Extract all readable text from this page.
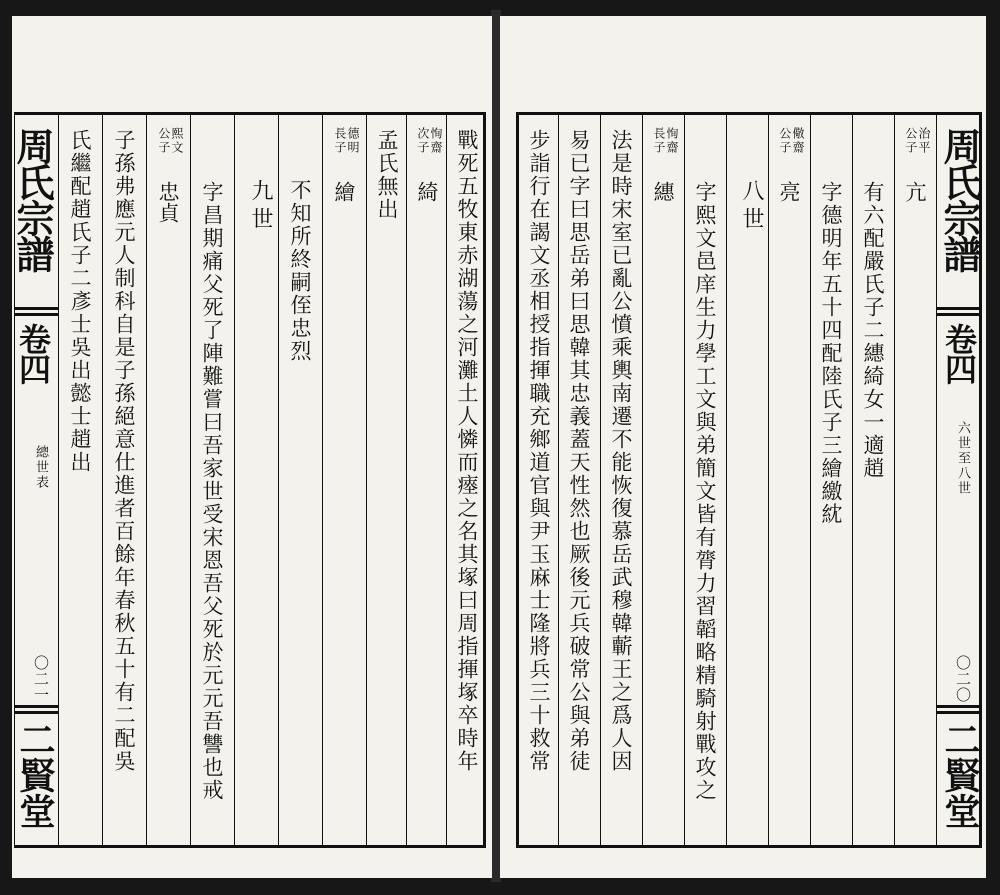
周氏宗譜
卷四
總世表
〇二一
二賢堂
氏繼配趙氏子二彥士吳出懿士趙出 子孫弗應元人制科自是子孫絕意仕進者百餘年春秋五十有二配吳	熙文公子
忠貞 字昌期痛父死了陣難嘗曰吾家世受宋恩吾父死於元元吾讐也戒 九世 不知所終嗣侄忠烈
德明長子
繪 孟氏無出	恂齋次子
綺 戰死五牧東赤湖蕩之河灘土人憐而瘞之名其塚曰周指揮塚卒時年 步詣行在謁文丞相授指揮職充鄉道官與尹玉麻士隆將兵三十救常 易已字曰思岳弟曰思韓其忠義蓋天性然也厥後元兵破常公與弟徒 法是時宋室已亂公憤乘輿南遷不能恢復慕岳武穆韓蘄王之爲人因	恂齋長子
繐 字熙文邑庠生力學工文與弟簡文皆有膂力習韜略精騎射戰攻之 八世
儆齋公子
亮 字德明年五十四配陸氏子三繪繳紞 有六配嚴氏子二繐綺女一適趙
治平公子
亢 周氏宗譜
卷四
六世至八世
〇二〇
二賢堂
